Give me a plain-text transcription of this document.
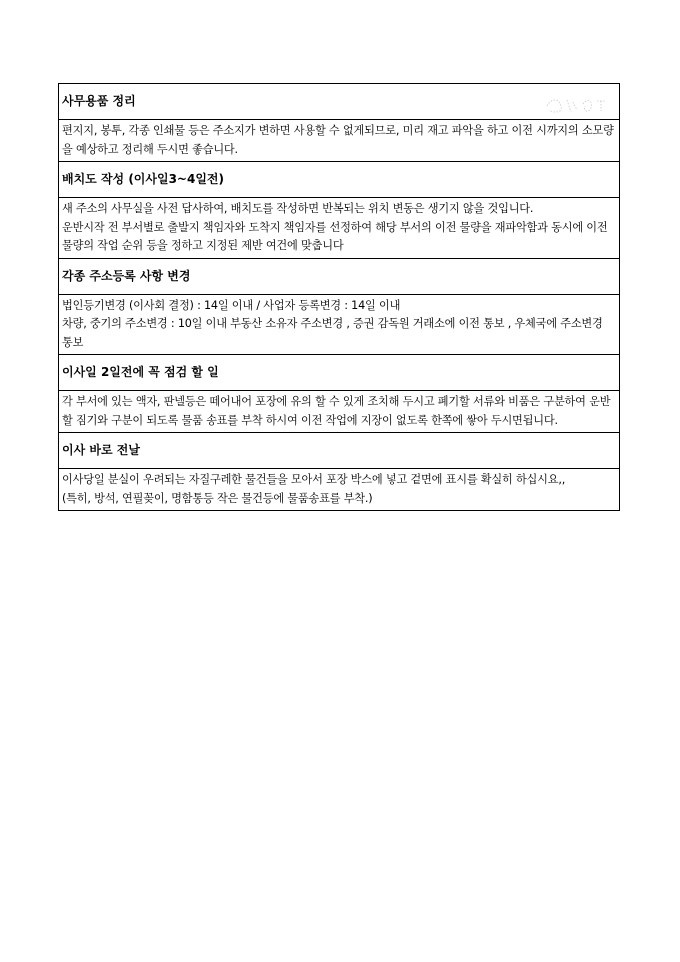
사무용품 정리

편지지, 봉투, 각종 인쇄물 등은 주소지가 변하면 사용할 수 없게되므로, 미리 재고 파악을 하고 이전 시까지의 소모량을 예상하고 정리해 두시면 좋습니다.

배치도 작성 (이사일3~4일전)

새 주소의 사무실을 사전 답사하여, 배치도를 작성하면 반복되는 위치 변동은 생기지 않을 것입니다.

운반시작 전 부서별로 출발지 책임자와 도착지 책임자를 선정하여 해당 부서의 이전 물량을 재파악함과 동시에 이전 물량의 작업 순위 등을 정하고 지정된 제반 여건에 맞춥니다

각종 주소등록 사항 변경

법인등기변경 (이사회 결정) : 14일 이내 / 사업자 등록변경 : 14일 이내

차량, 중기의 주소변경 : 10일 이내 부동산 소유자 주소변경 , 증권 감독원 거래소에 이전 통보 , 우체국에 주소변경 통보

이사일 2일전에 꼭 점검 할 일

각 부서에 있는 액자, 판넬등은 떼어내어 포장에 유의 할 수 있게 조치해 두시고 폐기할 서류와 비품은 구분하여 운반할 짐기와 구분이 되도록 물품 송표를 부착 하시여 이전 작업에 지장이 없도록 한쪽에 쌓아 두시면됩니다.

이사 바로 전날

이사당일 분실이 우려되는 자질구레한 물건들을 모아서 포장 박스에 넣고 겉면에 표시를 확실히 하십시요,,

(특히, 방석, 연필꽂이, 명함통등 작은 물건등에 물품송표를 부착.)
